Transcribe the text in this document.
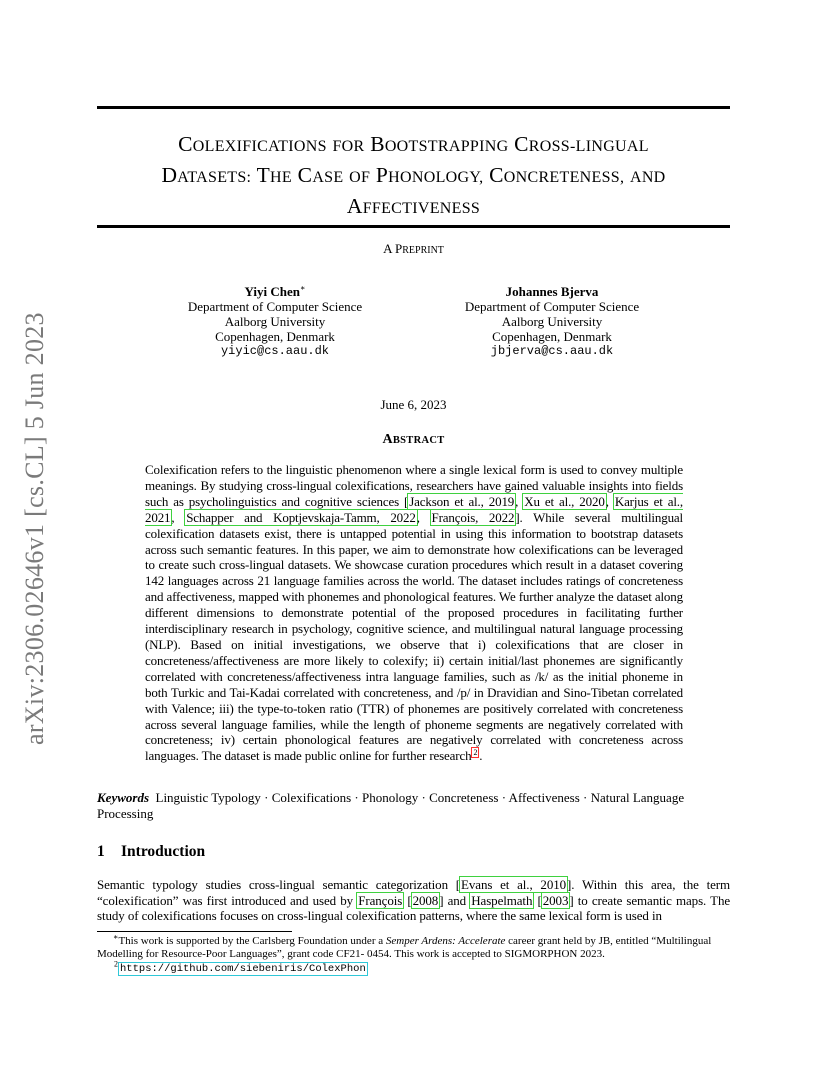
arXiv:2306.02646v1 [cs.CL] 5 Jun 2023
COLEXIFICATIONS FOR BOOTSTRAPPING CROSS-LINGUAL
DATASETS: THE CASE OF PHONOLOGY, CONCRETENESS, AND
AFFECTIVENESS
A PREPRINT
Yiyi Chen∗
Department of Computer Science
Aalborg University
Copenhagen, Denmark
yiyic@cs.aau.dk
Johannes Bjerva
Department of Computer Science
Aalborg University
Copenhagen, Denmark
jbjerva@cs.aau.dk
June 6, 2023
ABSTRACT
Colexification refers to the linguistic phenomenon where a single lexical form is used to convey multiple meanings. By studying cross-lingual colexifications, researchers have gained valuable insights into fields such as psycholinguistics and cognitive sciences [Jackson et al., 2019, Xu et al., 2020, Karjus et al., 2021, Schapper and Koptjevskaja-Tamm, 2022, François, 2022]. While several multilingual colexification datasets exist, there is untapped potential in using this information to bootstrap datasets across such semantic features. In this paper, we aim to demonstrate how colexifications can be leveraged to create such cross-lingual datasets. We showcase curation procedures which result in a dataset covering 142 languages across 21 language families across the world. The dataset includes ratings of concreteness and affectiveness, mapped with phonemes and phonological features. We further analyze the dataset along different dimensions to demonstrate potential of the proposed procedures in facilitating further interdisciplinary research in psychology, cognitive science, and multilingual natural language processing (NLP). Based on initial investigations, we observe that i) colexifications that are closer in concreteness/affectiveness are more likely to colexify; ii) certain initial/last phonemes are significantly correlated with concreteness/affectiveness intra language families, such as /k/ as the initial phoneme in both Turkic and Tai-Kadai correlated with concreteness, and /p/ in Dravidian and Sino-Tibetan correlated with Valence; iii) the type-to-token ratio (TTR) of phonemes are positively correlated with concreteness across several language families, while the length of phoneme segments are negatively correlated with concreteness; iv) certain phonological features are negatively correlated with concreteness across languages. The dataset is made public online for further research $^2$ .
Keywords Linguistic Typology · Colexifications · Phonology · Concreteness · Affectiveness · Natural Language Processing
1 Introduction
Semantic typology studies cross-lingual semantic categorization [Evans et al., 2010]. Within this area, the term “colexification” was first introduced and used by François [2008] and Haspelmath [2003] to create semantic maps. The study of colexifications focuses on cross-lingual colexification patterns, where the same lexical form is used in
∗This work is supported by the Carlsberg Foundation under a Semper Ardens: Accelerate career grant held by JB, entitled “Multilingual Modelling for Resource-Poor Languages”, grant code CF21- 0454. This work is accepted to SIGMORPHON 2023.
$^2$ https://github.com/siebeniris/ColexPhon
